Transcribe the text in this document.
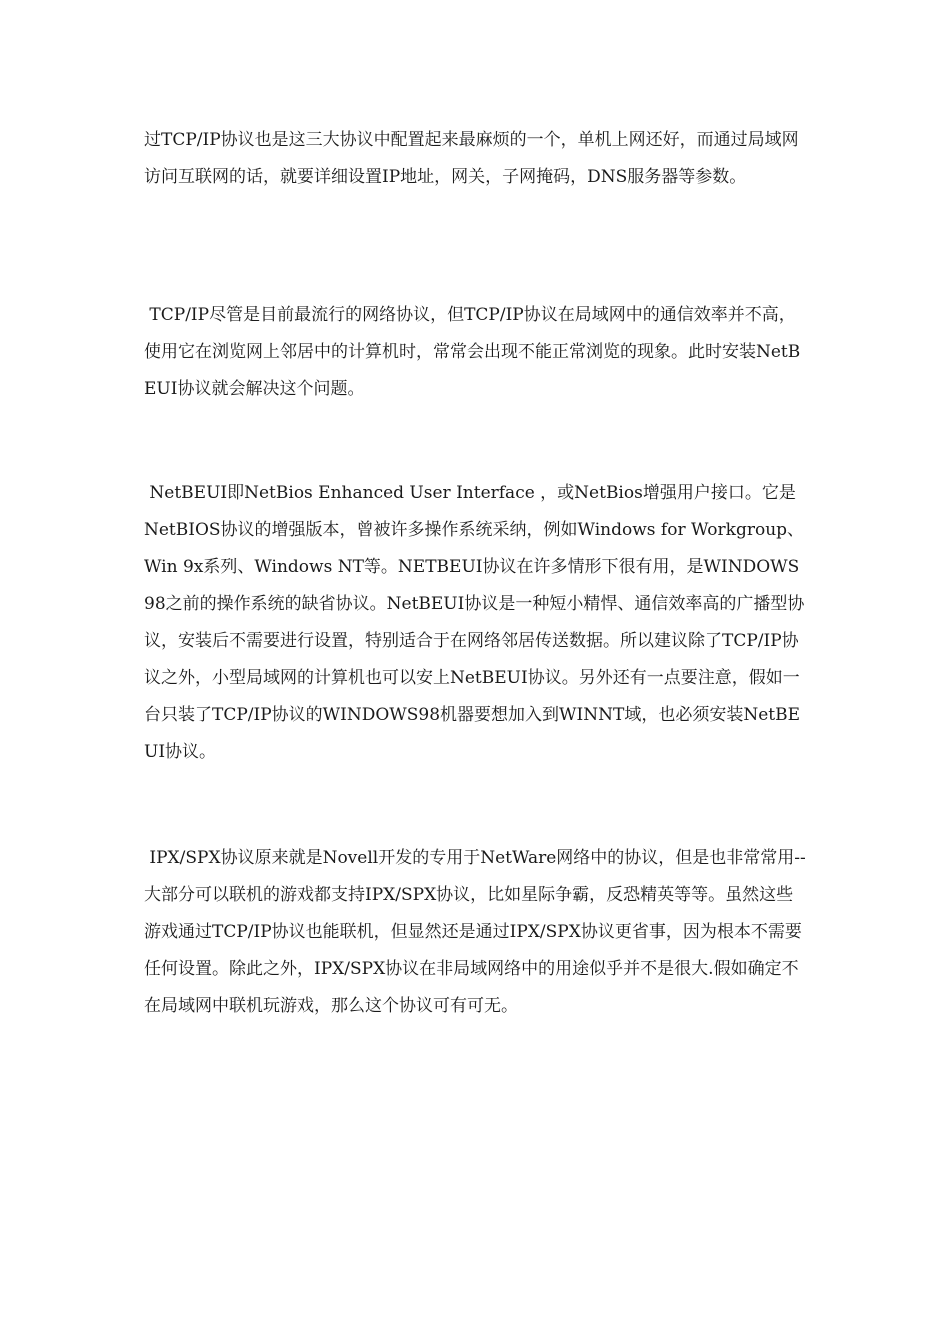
过TCP/IP协议也是这三大协议中配置起来最麻烦的一个，单机上网还好，而通过局域网访问互联网的话，就要详细设置IP地址，网关，子网掩码，DNS服务器等参数。

TCP/IP尽管是目前最流行的网络协议，但TCP/IP协议在局域网中的通信效率并不高，使用它在浏览网上邻居中的计算机时，常常会出现不能正常浏览的现象。此时安装NetBEUI协议就会解决这个问题。

NetBEUI即NetBios Enhanced User Interface ，或NetBios增强用户接口。它是NetBIOS协议的增强版本，曾被许多操作系统采纳，例如Windows for Workgroup、Win 9x系列、Windows NT等。NETBEUI协议在许多情形下很有用，是WINDOWS98之前的操作系统的缺省协议。NetBEUI协议是一种短小精悍、通信效率高的广播型协议，安装后不需要进行设置，特别适合于在网络邻居传送数据。所以建议除了TCP/IP协议之外，小型局域网的计算机也可以安上NetBEUI协议。另外还有一点要注意，假如一台只装了TCP/IP协议的WINDOWS98机器要想加入到WINNT域，也必须安装NetBEUI协议。

IPX/SPX协议原来就是Novell开发的专用于NetWare网络中的协议，但是也非常常用--大部分可以联机的游戏都支持IPX/SPX协议，比如星际争霸，反恐精英等等。虽然这些游戏通过TCP/IP协议也能联机，但显然还是通过IPX/SPX协议更省事，因为根本不需要任何设置。除此之外，IPX/SPX协议在非局域网络中的用途似乎并不是很大.假如确定不在局域网中联机玩游戏，那么这个协议可有可无。
